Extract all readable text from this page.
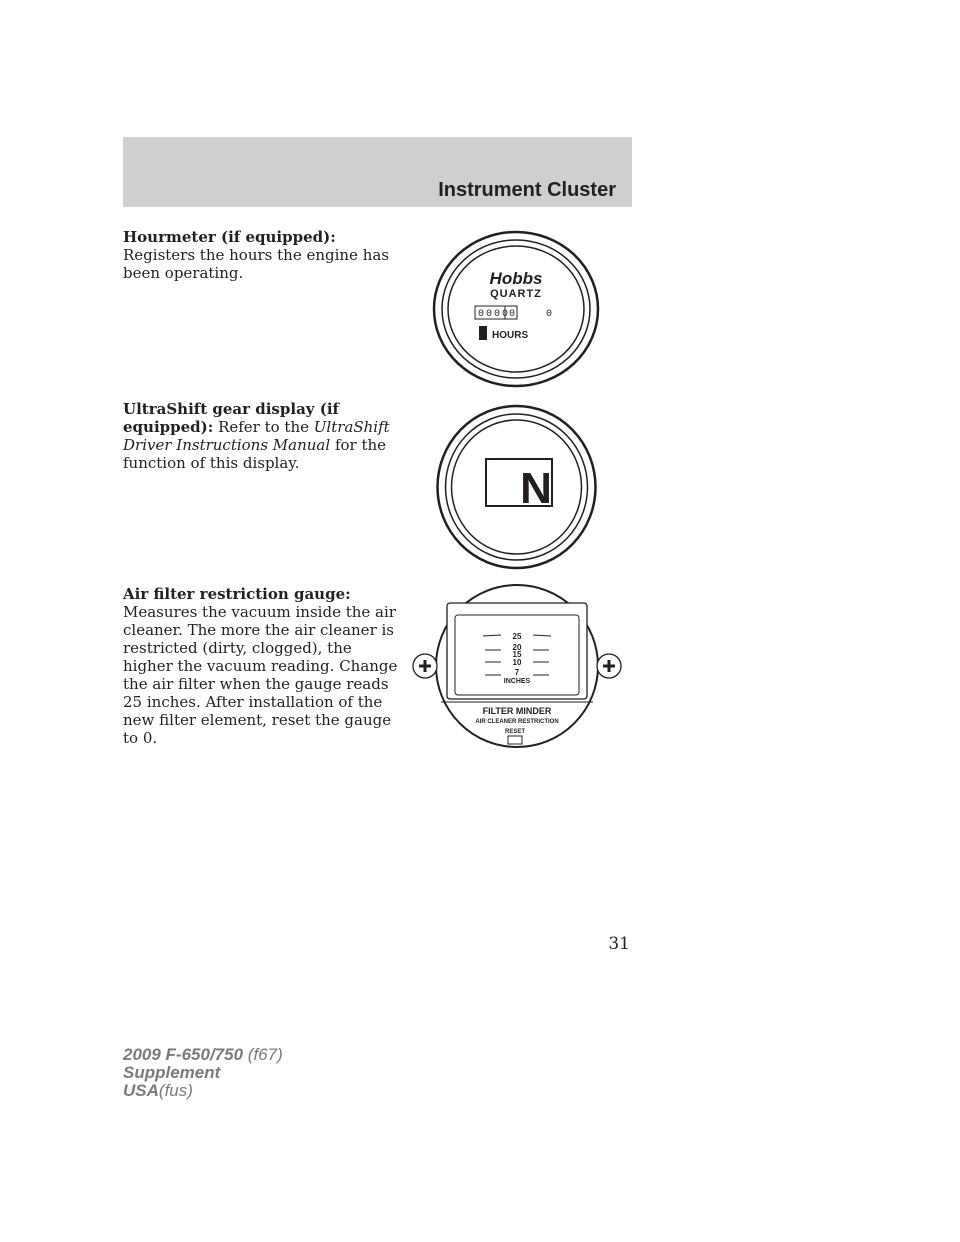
Instrument Cluster
Hourmeter (if equipped):
Registers the hours the engine has been operating.	Hobbs
QUARTZ
0 0 0 0 0	0
HOURS
UltraShift gear display (if equipped): Refer to the UltraShift Driver Instructions Manual for the function of this display.
N
Air filter restriction gauge:
Measures the vacuum inside the air cleaner. The more the air cleaner is restricted (dirty, clogged), the higher the vacuum reading. Change the air filter when the gauge reads 25 inches. After installation of the new filter element, reset the gauge to 0.
25
20
15
10
7
INCHES
FILTER MINDER
AIR CLEANER RESTRICTION
RESET

31

2009 F-650/750 (f67)
Supplement
USA(fus)
